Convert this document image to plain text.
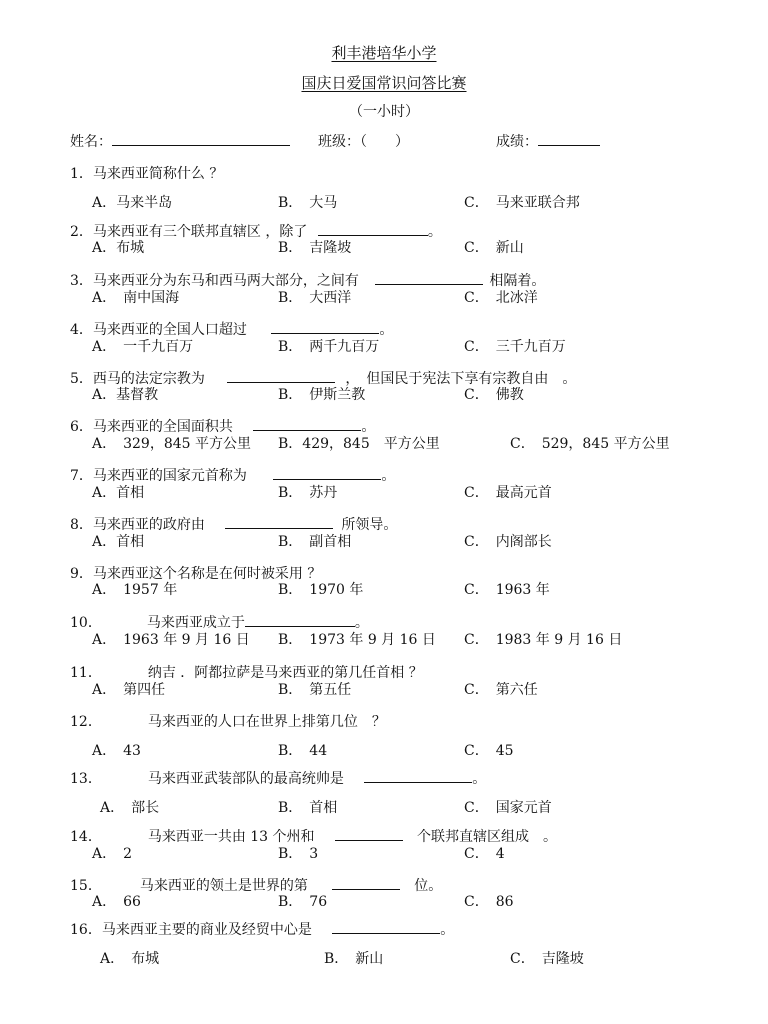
利丰港培华小学
国庆日爱国常识问答比赛
（一小时）
姓名：	班级：（　　）	成绩：
1．马来西亚简称什么 ？
A．马来半岛	B．　大马	C．　马来亚联合邦
2．马来西亚有三个联邦直辖区 ，除了	。
A．布城	B．　吉隆坡	C．　新山
3．马来西亚分为东马和西马两大部分，之间有	相隔着。
A．　南中国海	B．　大西洋	C．　北冰洋
4．马来西亚的全国人口超过	。
A．　一千九百万	B．　两千九百万	C．　三千九百万
5．西马的法定宗教为	，　但国民于宪法下享有宗教自由　。
A．基督教	B．　伊斯兰教	C．　佛教
6．马来西亚的全国面积共	。
A．　329，845 平方公里 B．429，845　平方公里	C．　529，845 平方公里
7．马来西亚的国家元首称为	。
A．首相	B．　苏丹	C．　最高元首
8．马来西亚的政府由	所领导。
A．首相	B．　副首相	C．　内阁部长
9．马来西亚这个名称是在何时被采用 ？
A．　1957 年	B．　1970 年	C．　1963 年
10．	马来西亚成立于	。
A．　1963 年 9 月 16 日 B．　1973 年 9 月 16 日 C．　1983 年 9 月 16 日
11．	纳吉 ．阿都拉萨是马来西亚的第几任首相 ？
A．　第四任	B．　第五任	C．　第六任
12．	马来西亚的人口在世界上排第几位　？
A．　43	B．　44	C．　45
13．	马来西亚武装部队的最高统帅是	。
A．　部长	B．　首相	C．　国家元首
14．	马来西亚一共由 13 个州和	个联邦直辖区组成　。
A．　2	B．　3	C．　4
15．	马来西亚的领土是世界的第	位。
A．　66	B．　76	C．　86
16．马来西亚主要的商业及经贸中心是	。
A．　布城	B．　新山	C．　吉隆坡
